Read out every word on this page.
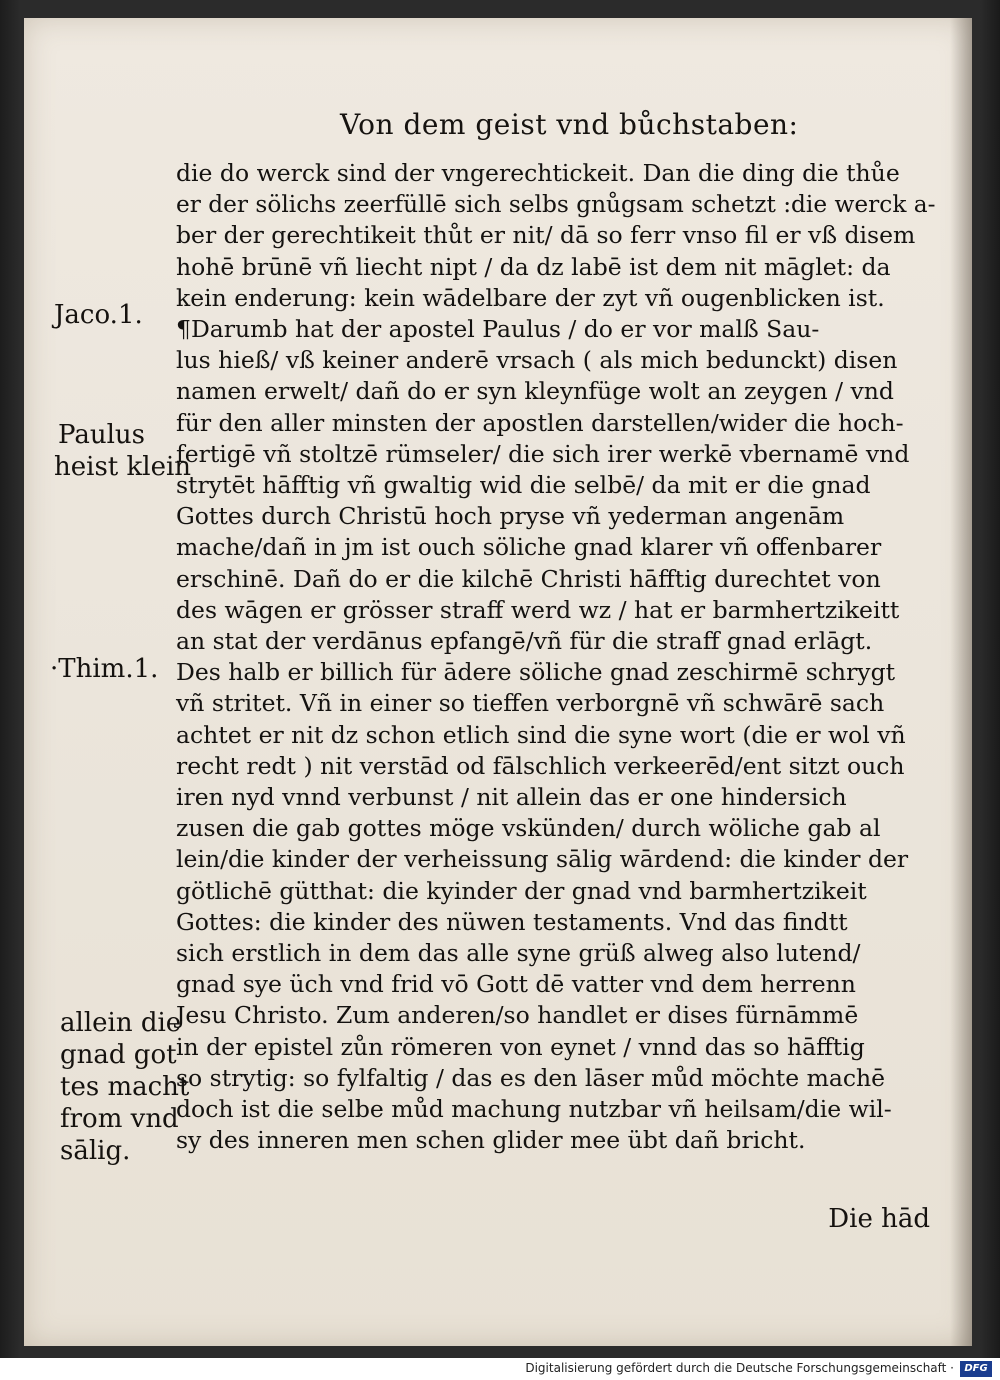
Von dem geist vnd bůchstaben:
Jaco.1.
Paulus
heist klein
·Thim.1.
allein die
gnad got
tes macht
from vnd
sālig.
die do werck sind der vngerechtickeit. Dan die ding die thůe
er der sölichs zeerfüllē sich selbs gnůgsam schetzt :die werck a-
ber der gerechtikeit thůt er nit/ dā so ferr vnso fil er vß disem
hohē brūnē vñ liecht nipt / da dz labē ist dem nit māglet: da
kein enderung: kein wādelbare der zyt vñ ougenblicken ist.
¶Darumb hat der apostel Paulus / do er vor malß Sau-
lus hieß/ vß keiner anderē vrsach ( als mich bedunckt) disen
namen erwelt/ dañ do er syn kleynfüge wolt an zeygen / vnd
für den aller minsten der apostlen darstellen/wider die hoch-
fertigē vñ stoltzē rümseler/ die sich irer werkē vbernamē vnd
strytēt hāfftig vñ gwaltig wid die selbē/ da mit er die gnad
Gottes durch Christū hoch pryse vñ yederman angenām
mache/dañ in jm ist ouch söliche gnad klarer vñ offenbarer
erschinē. Dañ do er die kilchē Christi hāfftig durechtet von
des wāgen er grösser straff werd wz / hat er barmhertzikeitt
an stat der verdānus epfangē/vñ für die straff gnad erlāgt.
Des halb er billich für ādere söliche gnad zeschirmē schrygt
vñ stritet. Vñ in einer so tieffen verborgnē vñ schwārē sach
achtet er nit dz schon etlich sind die syne wort (die er wol vñ
recht redt ) nit verstād od fālschlich verkeerēd/ent sitzt ouch
iren nyd vnnd verbunst / nit allein das er one hindersich
zusen die gab gottes möge vskünden/ durch wöliche gab al
lein/die kinder der verheissung sālig wārdend: die kinder der
götlichē gütthat: die kyinder der gnad vnd barmhertzikeit
Gottes: die kinder des nüwen testaments. Vnd das findtt
sich erstlich in dem das alle syne grüß alweg also lutend/
gnad sye üch vnd frid vō Gott dē vatter vnd dem herrenn
Jesu Christo. Zum anderen/so handlet er dises fürnāmmē
in der epistel zůn römeren von eynet / vnnd das so hāfftig
so strytig: so fylfaltig / das es den lāser můd möchte machē
doch ist die selbe můd machung nutzbar vñ heilsam/die wil-
sy des inneren men schen glider mee übt dañ bricht.
Die hād
Digitalisierung gefördert durch die Deutsche Forschungsgemeinschaft ·	DFG
